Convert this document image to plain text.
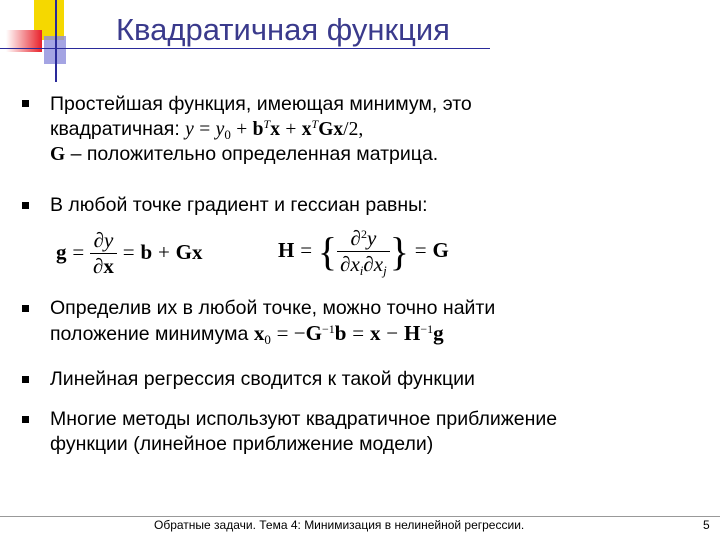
Квадратичная функция
Простейшая функция, имеющая минимум, это
квадратичная: $y = y_0 + b^Tx + x^TGx/2$,
G – положительно определенная матрица.
В любой точке градиент и гессиан равны:
$g = \frac{\partial y}{\partial x} = b + Gx$	H = { $\frac{\partial^2y}{\partial x_i\partial x_j}$ } = G
Определив их в любой точке, можно точно найти
положение минимума $x_0 = -G^{-1}b = x - H^{-1}g$
Линейная регрессия сводится к такой функции
Многие методы используют квадратичное приближение
функции (линейное приближение модели)
Обратные задачи. Тема 4: Минимизация в нелинейной регрессии.	5
